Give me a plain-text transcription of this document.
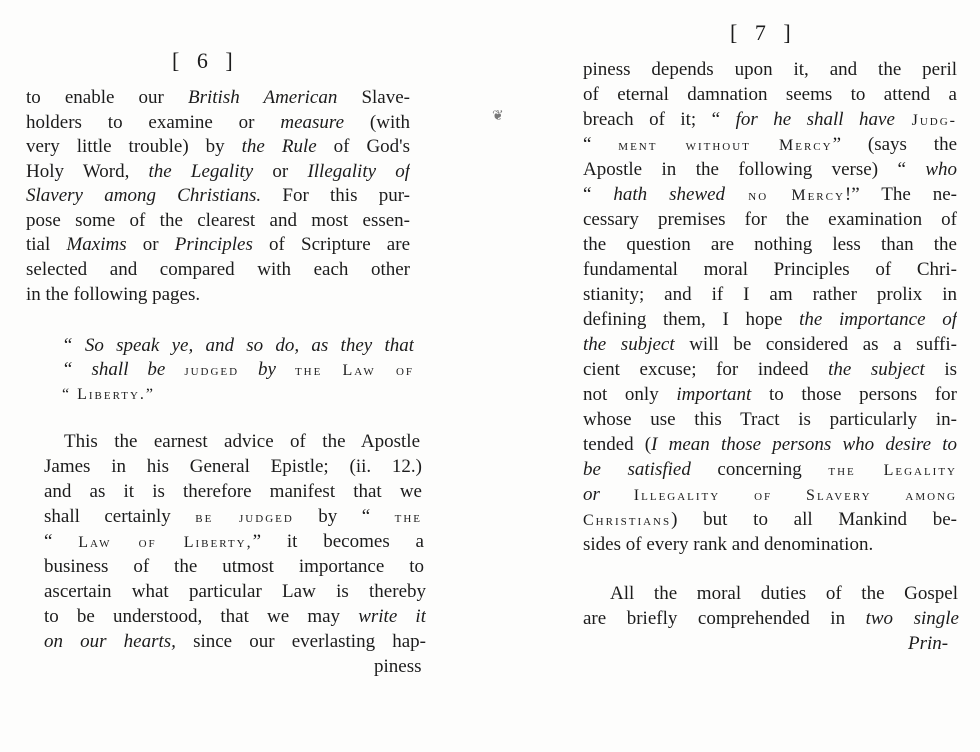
[ 6 ]
to enable our British American Slave-
holders to examine or measure (with
very little trouble) by the Rule of God's
Holy Word, the Legality or Illegality of
Slavery among Christians. For this pur-
pose some of the clearest and most essen-
tial Maxims or Principles of Scripture are
selected and compared with each other
in the following pages.
“ So speak ye, and so do, as they that
“ shall be judged by the Law of
“ Liberty.”
This the earnest advice of the Apostle
James in his General Epistle; (ii. 12.)
and as it is therefore manifest that we
shall certainly be judged by “ the
“ Law of Liberty,” it becomes a
business of the utmost importance to
ascertain what particular Law is thereby
to be understood, that we may write it
on our hearts, since our everlasting hap-
piness
❦
[ 7 ]
piness depends upon it, and the peril
of eternal damnation seems to attend a
breach of it; “ for he shall have Judg-
“ ment without Mercy” (says the
Apostle in the following verse) “ who
“ hath shewed no Mercy!” The ne-
cessary premises for the examination of
the question are nothing less than the
fundamental moral Principles of Chri-
stianity; and if I am rather prolix in
defining them, I hope the importance of
the subject will be considered as a suffi-
cient excuse; for indeed the subject is
not only important to those persons for
whose use this Tract is particularly in-
tended (I mean those persons who desire to
be satisfied concerning the Legality
or Illegality of Slavery among
Christians) but to all Mankind be-
sides of every rank and denomination.
All the moral duties of the Gospel
are briefly comprehended in two single
Prin-
